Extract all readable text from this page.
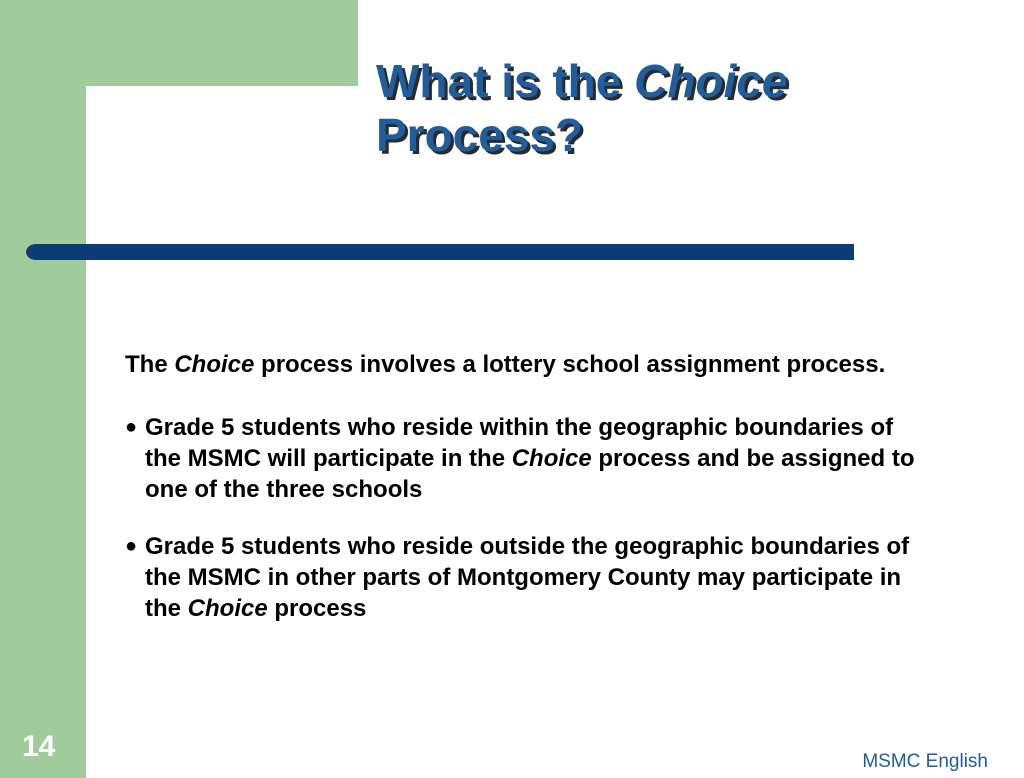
What is the Choice
Process?

The Choice process involves a lottery school assignment process.

● Grade 5 students who reside within the geographic boundaries of the MSMC will participate in the Choice process and be assigned to one of the three schools
● Grade 5 students who reside outside the geographic boundaries of the MSMC in other parts of Montgomery County may participate in the Choice process
14	MSMC English
